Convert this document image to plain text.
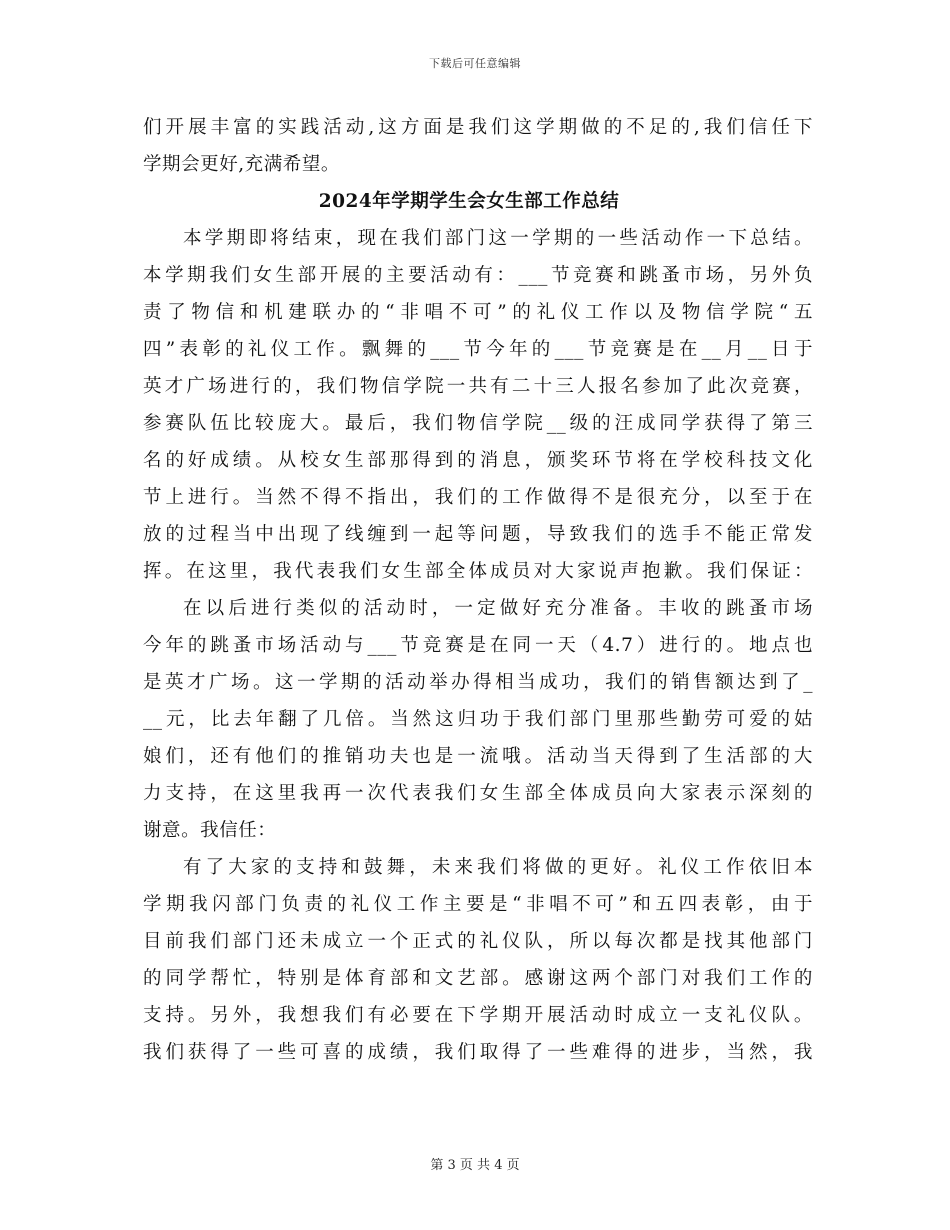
下载后可任意编辑
们开展丰富的实践活动,这方面是我们这学期做的不足的,我们信任下
学期会更好,充满希望。
2024年学期学生会女生部工作总结
本学期即将结束，现在我们部门这一学期的一些活动作一下总结。
本学期我们女生部开展的主要活动有：___节竞赛和跳蚤市场，另外负
责了物信和机建联办的“非唱不可”的礼仪工作以及物信学院“五
四”表彰的礼仪工作。飘舞的___节今年的___节竞赛是在__月__日于
英才广场进行的，我们物信学院一共有二十三人报名参加了此次竞赛，
参赛队伍比较庞大。最后，我们物信学院__级的汪成同学获得了第三
名的好成绩。从校女生部那得到的消息，颁奖环节将在学校科技文化
节上进行。当然不得不指出，我们的工作做得不是很充分，以至于在
放的过程当中出现了线缠到一起等问题，导致我们的选手不能正常发
挥。在这里，我代表我们女生部全体成员对大家说声抱歉。我们保证：
在以后进行类似的活动时，一定做好充分准备。丰收的跳蚤市场
今年的跳蚤市场活动与___节竞赛是在同一天（4.7）进行的。地点也
是英才广场。这一学期的活动举办得相当成功，我们的销售额达到了_
__元，比去年翻了几倍。当然这归功于我们部门里那些勤劳可爱的姑
娘们，还有他们的推销功夫也是一流哦。活动当天得到了生活部的大
力支持，在这里我再一次代表我们女生部全体成员向大家表示深刻的
谢意。我信任：
有了大家的支持和鼓舞，未来我们将做的更好。礼仪工作依旧本
学期我闪部门负责的礼仪工作主要是“非唱不可”和五四表彰，由于
目前我们部门还未成立一个正式的礼仪队，所以每次都是找其他部门
的同学帮忙，特别是体育部和文艺部。感谢这两个部门对我们工作的
支持。另外，我想我们有必要在下学期开展活动时成立一支礼仪队。
我们获得了一些可喜的成绩，我们取得了一些难得的进步，当然，我
第 3 页 共 4 页
